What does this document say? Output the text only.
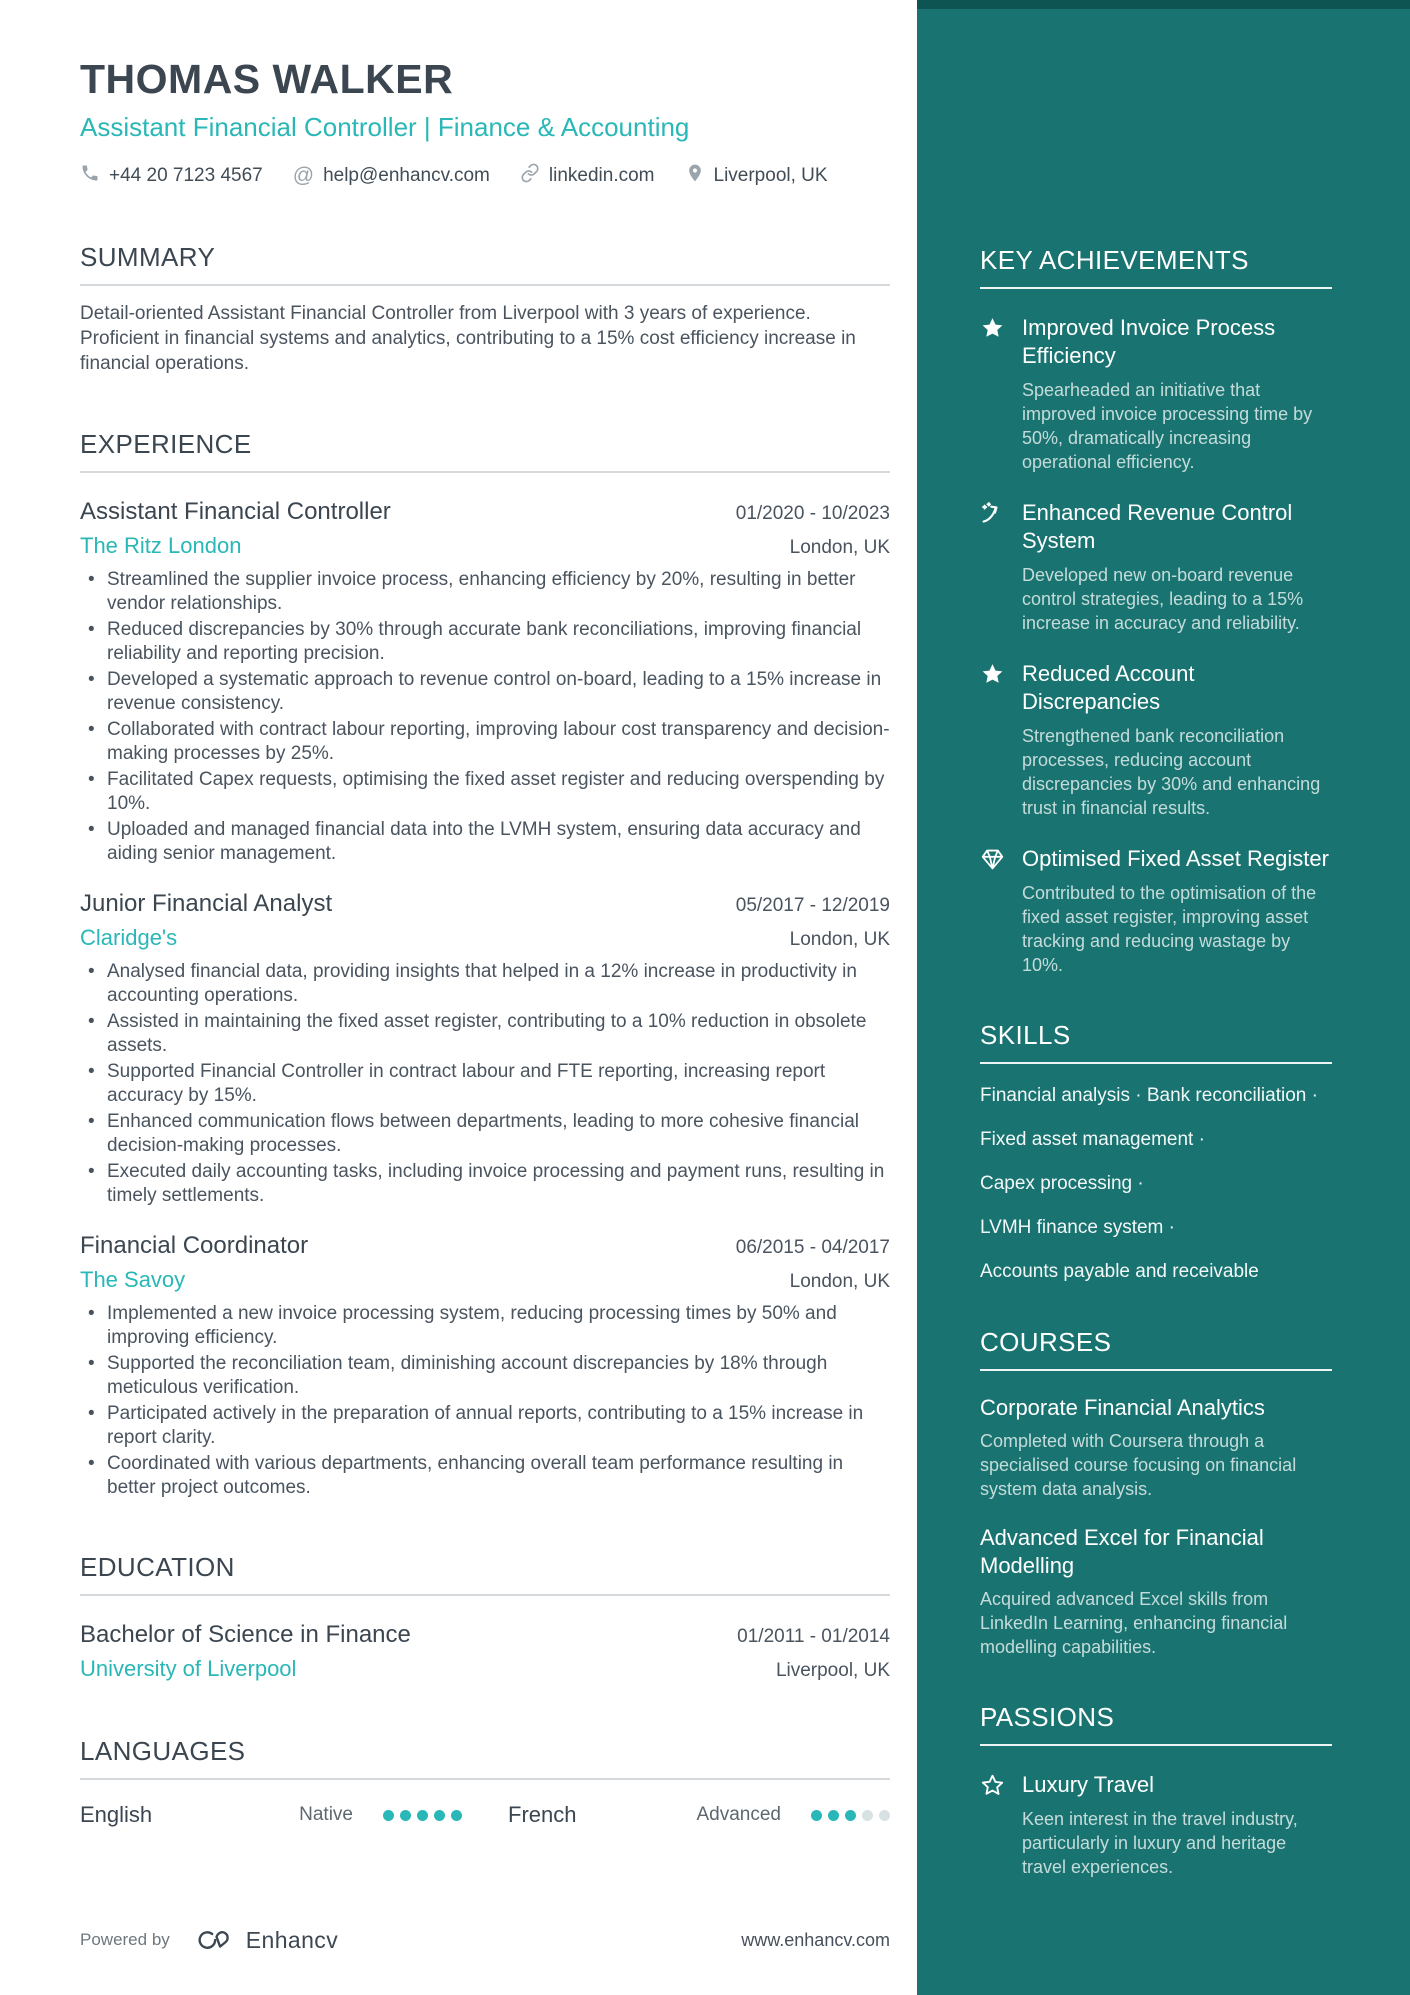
THOMAS WALKER
Assistant Financial Controller | Finance & Accounting
+44 20 7123 4567 @ help@enhancv.com	linkedin.com	Liverpool, UK
SUMMARY
Detail-oriented Assistant Financial Controller from Liverpool with 3 years of experience. Proficient in financial systems and analytics, contributing to a 15% cost efficiency increase in financial operations.
EXPERIENCE
Assistant Financial Controller	01/2020 - 10/2023
The Ritz London	London, UK
• Streamlined the supplier invoice process, enhancing efficiency by 20%, resulting in better vendor relationships.
• Reduced discrepancies by 30% through accurate bank reconciliations, improving financial reliability and reporting precision.
• Developed a systematic approach to revenue control on-board, leading to a 15% increase in revenue consistency.
• Collaborated with contract labour reporting, improving labour cost transparency and decision-making processes by 25%.
• Facilitated Capex requests, optimising the fixed asset register and reducing overspending by 10%.
• Uploaded and managed financial data into the LVMH system, ensuring data accuracy and aiding senior management.
Junior Financial Analyst	05/2017 - 12/2019
Claridge's	London, UK
• Analysed financial data, providing insights that helped in a 12% increase in productivity in accounting operations.
• Assisted in maintaining the fixed asset register, contributing to a 10% reduction in obsolete assets.
• Supported Financial Controller in contract labour and FTE reporting, increasing report accuracy by 15%.
• Enhanced communication flows between departments, leading to more cohesive financial decision-making processes.
• Executed daily accounting tasks, including invoice processing and payment runs, resulting in timely settlements.
Financial Coordinator	06/2015 - 04/2017
The Savoy	London, UK
• Implemented a new invoice processing system, reducing processing times by 50% and improving efficiency.
• Supported the reconciliation team, diminishing account discrepancies by 18% through meticulous verification.
• Participated actively in the preparation of annual reports, contributing to a 15% increase in report clarity.
• Coordinated with various departments, enhancing overall team performance resulting in better project outcomes.
EDUCATION
Bachelor of Science in Finance	01/2011 - 01/2014
University of Liverpool	Liverpool, UK
LANGUAGES
English	Native	French	Advanced
KEY ACHIEVEMENTS
Improved Invoice Process Efficiency
Spearheaded an initiative that improved invoice processing time by 50%, dramatically increasing operational efficiency.
Enhanced Revenue Control System
Developed new on-board revenue control strategies, leading to a 15% increase in accuracy and reliability.
Reduced Account Discrepancies
Strengthened bank reconciliation processes, reducing account discrepancies by 30% and enhancing trust in financial results.
Optimised Fixed Asset Register
Contributed to the optimisation of the fixed asset register, improving asset tracking and reducing wastage by 10%.
SKILLS
Financial analysis · Bank reconciliation ·
Fixed asset management ·
Capex processing ·
LVMH finance system ·
Accounts payable and receivable
COURSES
Corporate Financial Analytics
Completed with Coursera through a specialised course focusing on financial system data analysis.
Advanced Excel for Financial Modelling
Acquired advanced Excel skills from LinkedIn Learning, enhancing financial modelling capabilities.
PASSIONS
Luxury Travel
Keen interest in the travel industry, particularly in luxury and heritage travel experiences.
Powered by	Enhancv	www.enhancv.com
